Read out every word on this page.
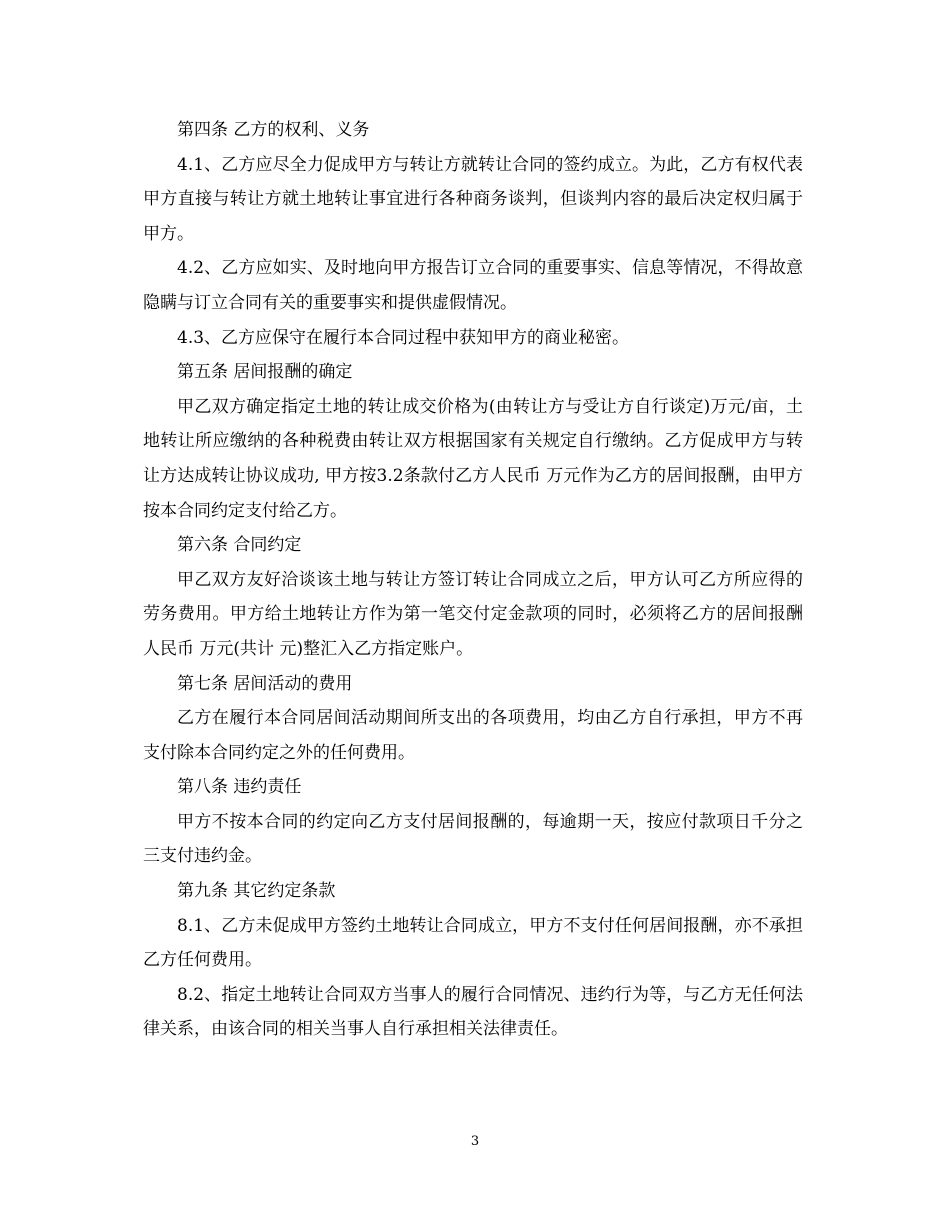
第四条 乙方的权利、义务

4.1、乙方应尽全力促成甲方与转让方就转让合同的签约成立。为此，乙方有权代表甲方直接与转让方就土地转让事宜进行各种商务谈判，但谈判内容的最后决定权归属于甲方。

4.2、乙方应如实、及时地向甲方报告订立合同的重要事实、信息等情况，不得故意隐瞒与订立合同有关的重要事实和提供虚假情况。

4.3、乙方应保守在履行本合同过程中获知甲方的商业秘密。

第五条 居间报酬的确定

甲乙双方确定指定土地的转让成交价格为(由转让方与受让方自行谈定)万元/亩，土地转让所应缴纳的各种税费由转让双方根据国家有关规定自行缴纳。乙方促成甲方与转让方达成转让协议成功, 甲方按3.2条款付乙方人民币 万元作为乙方的居间报酬，由甲方按本合同约定支付给乙方。

第六条 合同约定

甲乙双方友好洽谈该土地与转让方签订转让合同成立之后，甲方认可乙方所应得的劳务费用。甲方给土地转让方作为第一笔交付定金款项的同时，必须将乙方的居间报酬人民币 万元(共计 元)整汇入乙方指定账户。

第七条 居间活动的费用

乙方在履行本合同居间活动期间所支出的各项费用，均由乙方自行承担，甲方不再支付除本合同约定之外的任何费用。

第八条 违约责任

甲方不按本合同的约定向乙方支付居间报酬的，每逾期一天，按应付款项日千分之三支付违约金。

第九条 其它约定条款

8.1、乙方未促成甲方签约土地转让合同成立，甲方不支付任何居间报酬，亦不承担乙方任何费用。

8.2、指定土地转让合同双方当事人的履行合同情况、违约行为等，与乙方无任何法律关系，由该合同的相关当事人自行承担相关法律责任。

3
